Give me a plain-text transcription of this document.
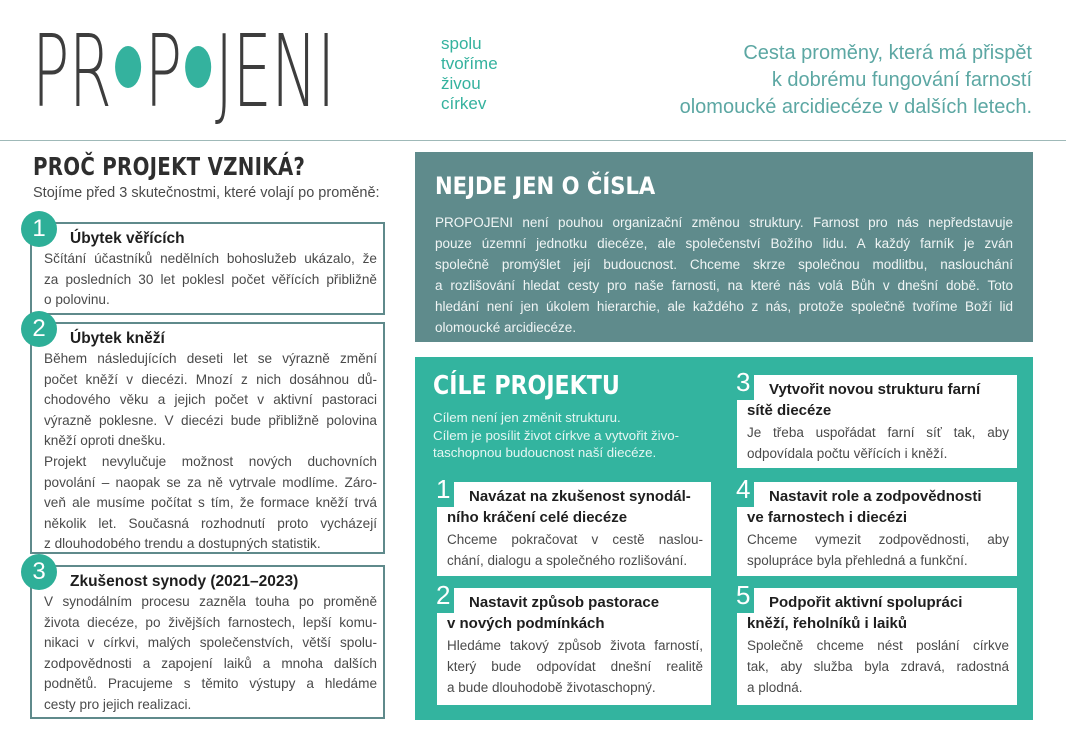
PR P JENI	spolu
tvoříme
živou
církev
Cesta proměny, která má přispět
k dobrému fungování farností
olomoucké arcidiecéze v dalších letech.
PROČ PROJEKT VZNIKÁ?
Stojíme před 3 skutečnostmi, které volají po proměně:
1	Úbytek věřících
Sčítání účastníků nedělních bohoslužeb ukázalo, že
za posledních 30 let poklesl počet věřících přibližně
o polovinu.
2	Úbytek kněží
Během následujících deseti let se výrazně změní
počet kněží v diecézi. Mnozí z nich dosáhnou dů-
chodového věku a jejich počet v aktivní pastoraci
výrazně poklesne. V diecézi bude přibližně polovina
kněží oproti dnešku.
Projekt nevylučuje možnost nových duchovních
povolání – naopak se za ně vytrvale modlíme. Záro-
veň ale musíme počítat s tím, že formace kněží trvá
několik let. Současná rozhodnutí proto vycházejí
z dlouhodobého trendu a dostupných statistik.
3	Zkušenost synody (2021–2023)
V synodálním procesu zazněla touha po proměně
života diecéze, po živějších farnostech, lepší komu-
nikaci v církvi, malých společenstvích, větší spolu-
zodpovědnosti a zapojení laiků a mnoha dalších
podnětů. Pracujeme s těmito výstupy a hledáme
cesty pro jejich realizaci.
NEJDE JEN O ČÍSLA
PROPOJENI není pouhou organizační změnou struktury. Farnost pro nás nepředstavuje
pouze územní jednotku diecéze, ale společenství Božího lidu. A každý farník je zván
společně promýšlet její budoucnost. Chceme skrze společnou modlitbu, naslouchání
a rozlišování hledat cesty pro naše farnosti, na které nás volá Bůh v dnešní době. Toto
hledání není jen úkolem hierarchie, ale každého z nás, protože společně tvoříme Boží lid
olomoucké arcidiecéze.
CÍLE PROJEKTU
Cílem není jen změnit strukturu.
Cílem je posílit život církve a vytvořit živo-
taschopnou budoucnost naší diecéze.
1	Navázat na zkušenost synodál-
ního kráčení celé diecéze
Chceme pokračovat v cestě naslou-
chání, dialogu a společného rozlišování.
2	Nastavit způsob pastorace
v nových podmínkách
Hledáme takový způsob života farností,
který bude odpovídat dnešní realitě
a bude dlouhodobě životaschopný.
3	Vytvořit novou strukturu farní
sítě diecéze
Je třeba uspořádat farní síť tak, aby
odpovídala počtu věřících i kněží.
4	Nastavit role a zodpovědnosti
ve farnostech i diecézi
Chceme vymezit zodpovědnosti, aby
spolupráce byla přehledná a funkční.
5	Podpořit aktivní spolupráci
kněží, řeholníků i laiků
Společně chceme nést poslání církve
tak, aby služba byla zdravá, radostná
a plodná.
